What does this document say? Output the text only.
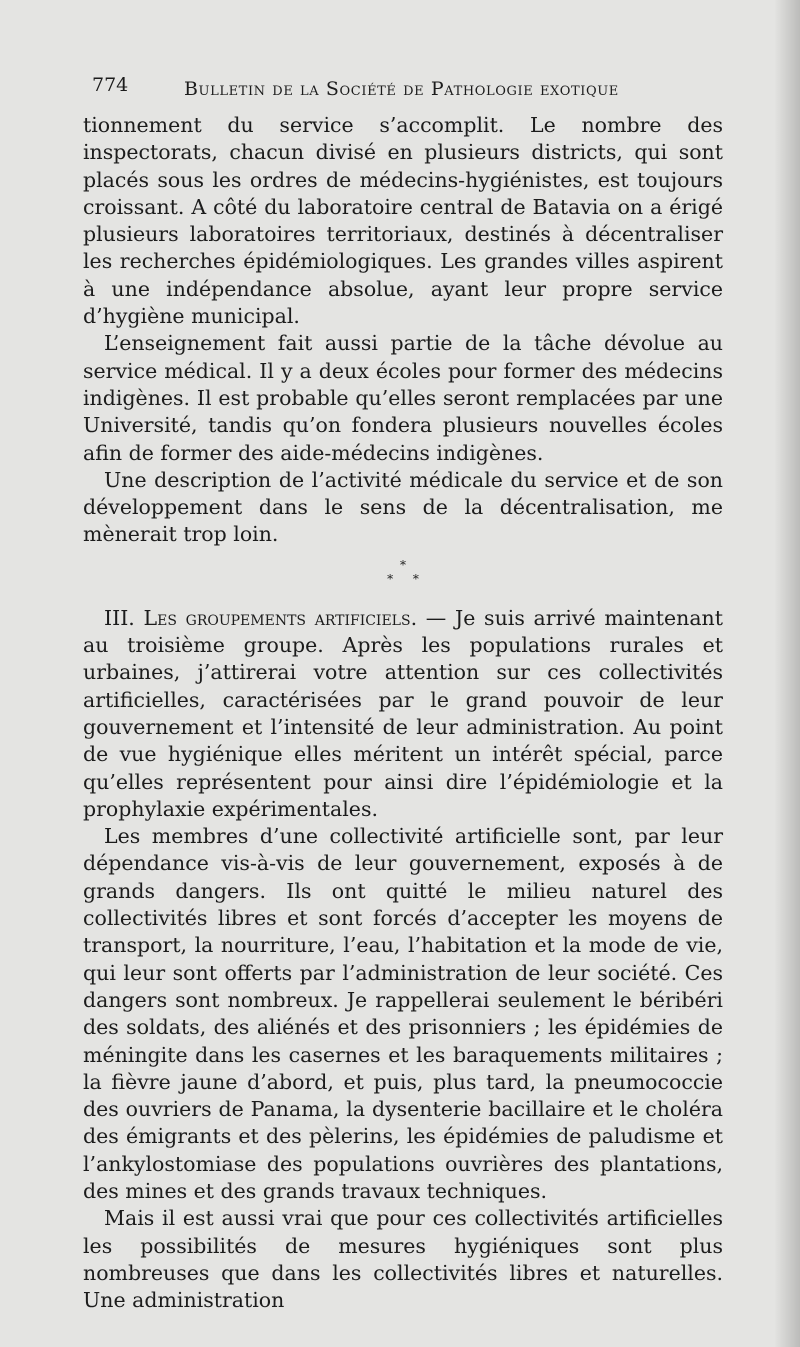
774	Bulletin de la Société de Pathologie exotique

tionnement du service s’accomplit. Le nombre des inspectorats, chacun divisé en plusieurs districts, qui sont placés sous les ordres de médecins-hygiénistes, est toujours croissant. A côté du laboratoire central de Batavia on a érigé plusieurs laboratoires territoriaux, destinés à décentraliser les recherches épidémiologiques. Les grandes villes aspirent à une indépendance absolue, ayant leur propre service d’hygiène municipal.

L’enseignement fait aussi partie de la tâche dévolue au service médical. Il y a deux écoles pour former des médecins indigènes. Il est probable qu’elles seront remplacées par une Université, tandis qu’on fondera plusieurs nouvelles écoles afin de former des aide-médecins indigènes.

Une description de l’activité médicale du service et de son développement dans le sens de la décentralisation, me mènerait trop loin.

*
* *

III. Les groupements artificiels. — Je suis arrivé maintenant au troisième groupe. Après les populations rurales et urbaines, j’attirerai votre attention sur ces collectivités artificielles, caractérisées par le grand pouvoir de leur gouvernement et l’intensité de leur administration. Au point de vue hygiénique elles méritent un intérêt spécial, parce qu’elles représentent pour ainsi dire l’épidémiologie et la prophylaxie expérimentales.

Les membres d’une collectivité artificielle sont, par leur dépendance vis-à-vis de leur gouvernement, exposés à de grands dangers. Ils ont quitté le milieu naturel des collectivités libres et sont forcés d’accepter les moyens de transport, la nourriture, l’eau, l’habitation et la mode de vie, qui leur sont offerts par l’administration de leur société. Ces dangers sont nombreux. Je rappellerai seulement le béribéri des soldats, des aliénés et des prisonniers ; les épidémies de méningite dans les casernes et les baraquements militaires ; la fièvre jaune d’abord, et puis, plus tard, la pneumococcie des ouvriers de Panama, la dysenterie bacillaire et le choléra des émigrants et des pèlerins, les épidémies de paludisme et l’ankylostomiase des populations ouvrières des plantations, des mines et des grands travaux techniques.

Mais il est aussi vrai que pour ces collectivités artificielles les possibilités de mesures hygiéniques sont plus nombreuses que dans les collectivités libres et naturelles. Une administration
